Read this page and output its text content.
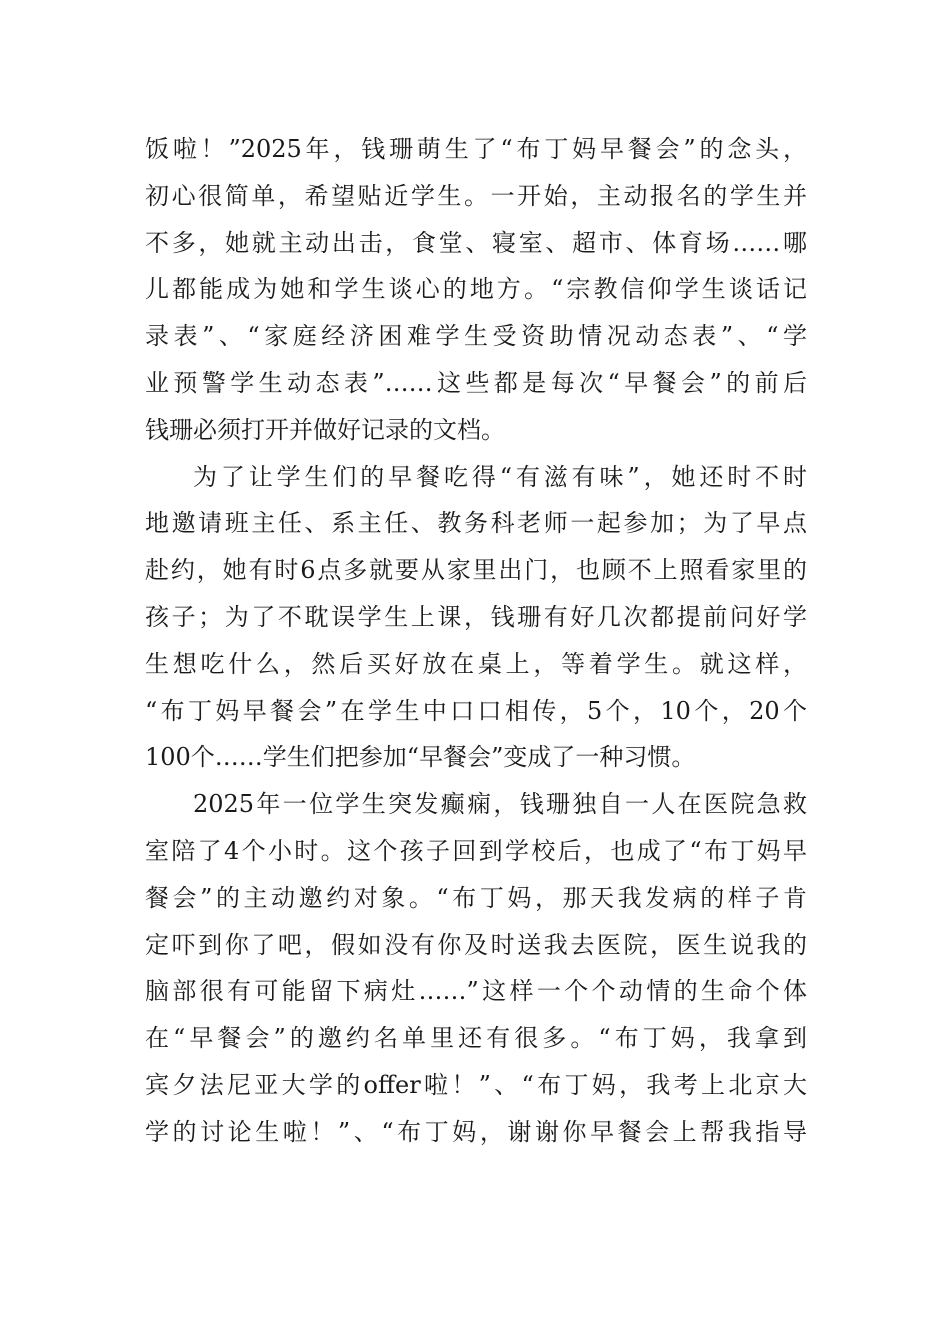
饭啦！”2025年，钱珊萌生了“布丁妈早餐会”的念头，
初心很简单，希望贴近学生。一开始，主动报名的学生并
不多，她就主动出击，食堂、寝室、超市、体育场……哪
儿都能成为她和学生谈心的地方。“宗教信仰学生谈话记
录表”、“家庭经济困难学生受资助情况动态表”、“学
业预警学生动态表”……这些都是每次“早餐会”的前后
钱珊必须打开并做好记录的文档。
为了让学生们的早餐吃得“有滋有味”，她还时不时
地邀请班主任、系主任、教务科老师一起参加；为了早点
赴约，她有时6点多就要从家里出门，也顾不上照看家里的
孩子；为了不耽误学生上课，钱珊有好几次都提前问好学
生想吃什么，然后买好放在桌上，等着学生。就这样，
“布丁妈早餐会”在学生中口口相传，5个，10个，20个
100个……学生们把参加“早餐会”变成了一种习惯。
2025年一位学生突发癫痫，钱珊独自一人在医院急救
室陪了4个小时。这个孩子回到学校后，也成了“布丁妈早
餐会”的主动邀约对象。“布丁妈，那天我发病的样子肯
定吓到你了吧，假如没有你及时送我去医院，医生说我的
脑部很有可能留下病灶……”这样一个个动情的生命个体
在“早餐会”的邀约名单里还有很多。“布丁妈，我拿到
宾夕法尼亚大学的offer啦！”、“布丁妈，我考上北京大
学的讨论生啦！”、“布丁妈，谢谢你早餐会上帮我指导
